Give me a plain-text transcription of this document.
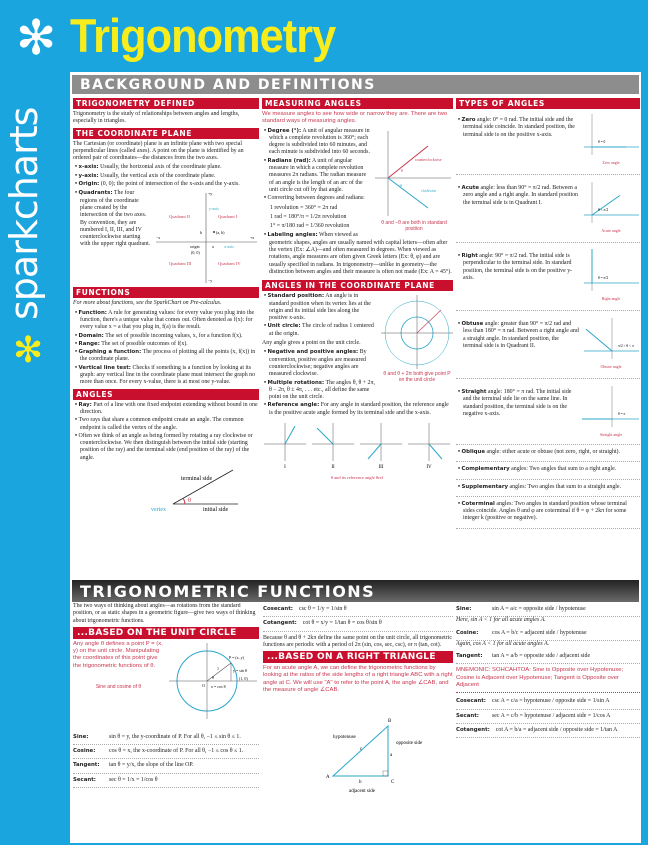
✻ Trigonometry
sparkcharts
✻
BACKGROUND AND DEFINITIONS
TRIGONOMETRIC FUNCTIONS
TRIGONOMETRY DEFINED

Trigonometry is the study of relationships between angles and lengths, especially in triangles.

THE COORDINATE PLANE

The Cartesian (or coordinate) plane is an infinite plane with two special perpendicular lines (called axes). A point on the plane is identified by an ordered pair of coordinates—the distances from the two axes.

• x-axis: Usually, the horizontal axis of the coordinate plane.
• y-axis: Usually, the vertical axis of the coordinate plane.
• Origin: (0, 0); the point of intersection of the x-axis and the y-axis.
Quadrant I
Quadrant II
Quadrant III	Quadrant IV
y-axis
x-axis
origin
(0, 0)
(a, b)
a
b
+y
−y
+x
−x
• Quadrants: The four regions of the coordinate plane created by the intersection of the two axes. By convention, they are numbered I, II, III, and IV counterclockwise starting with the upper right quadrant.
FUNCTIONS

For more about functions, see the SparkChart on Pre-calculus.

• Function: A rule for generating values: for every value you plug into the function, there's a unique value that comes out. Often denoted as f(x): for every value x = a that you plug in, f(a) is the result.
• Domain: The set of possible incoming values, x, for a function f(x).
• Range: The set of possible outcomes of f(x).
• Graphing a function: The process of plotting all the points (x, f(x)) in the coordinate plane.
• Vertical line test: Checks if something is a function by looking at its graph: any vertical line in the coordinate plane must intersect the graph no more than once. For every x-value, there is at most one y-value.
ANGLES
• Ray: Part of a line with one fixed endpoint extending without bound in one direction.
• Two rays that share a common endpoint create an angle. The common endpoint is called the vertex of the angle.
• Often we think of an angle as being formed by rotating a ray clockwise or counterclockwise. We then distinguish between the initial side (starting position of the ray) and the terminal side (end position of the ray) of the angle.
terminal side
initial side
vertex
θ
MEASURING ANGLES

We measure angles to see how wide or narrow they are. There are two standard ways of measuring angles.

counterclockwise
clockwise
θ
−θ
θ and −θ are both in standard position
• Degree (°): A unit of angular measure in which a complete revolution is 360°; each degree is subdivided into 60 minutes, and each minute is subdivided into 60 seconds.
• Radians (rad): A unit of angular measure in which a complete revolution measures 2π radians. The radian measure of an angle is the length of an arc of the unit circle cut off by that angle.
• Converting between degrees and radians:

1 revolution = 360° = 2π rad

1 rad = 180°/π = 1/2π revolution

1° = π/180 rad = 1/360 revolution

• Labeling angles: When viewed as geometric shapes, angles are usually named with capital letters—often after the vertex (Ex: ∠A)—and often measured in degrees. When viewed as rotations, angle measures are often given Greek letters (Ex: θ, φ) and are usually specified in radians. In trigonometry—unlike in geometry—the distinction between angles and their measure is often not made (Ex: A = 45°).
ANGLES IN THE COORDINATE PLANE
θ and θ + 2π both give point P on the unit circle
• Standard position: An angle is in standard position when its vertex lies at the origin and its initial side lies along the positive x-axis.
• Unit circle: The circle of radius 1 centered at the origin.

Any angle gives a point on the unit circle.

• Negative and positive angles: By convention, positive angles are measured counterclockwise; negative angles are measured clockwise.
• Multiple rotations: The angles θ, θ + 2π, θ − 2π, θ ± 4π, . . . etc., all define the same point on the unit circle.
• Reference angle: For any angle in standard position, the reference angle is the positive acute angle formed by its terminal side and the x-axis.
I	II	III	IV
θ and its reference angle θref
TYPES OF ANGLES
θ = 0
Zero angle
• Zero angle: 0° = 0 rad. The initial side and the terminal side coincide. In standard position, the terminal side is on the positive x-axis.
θ < π/2
Acute angle
• Acute angle: less than 90° = π/2 rad. Between a zero angle and a right angle. In standard position the terminal side is in Quadrant I.
θ = π/2
Right angle
• Right angle: 90° = π/2 rad. The initial side is perpendicular to the terminal side. In standard position, the terminal side is on the positive y-axis.
π/2 < θ < π
Obtuse angle
• Obtuse angle: greater than 90° = π/2 rad and less than 180° = π rad. Between a right angle and a straight angle. In standard position, the terminal side is in Quadrant II.
θ = π
Straight angle
• Straight angle: 180° = π rad. The initial side and the terminal side lie on the same line. In standard position, the terminal side is on the negative x-axis.
• Oblique angle: either acute or obtuse (not zero, right, or straight).
• Complementary angles: Two angles that sum to a right angle.
• Supplementary angles: Two angles that sum to a straight angle.
• Coterminal angles: Two angles in standard position whose terminal sides coincide. Angles θ and φ are coterminal if θ = φ + 2kπ for some integer k (positive or negative).

The two ways of thinking about angles—as rotations from the standard position, or as static shapes in a geometric figure—give two ways of thinking about trigonometric functions.

...BASED ON THE UNIT CIRCLE
P = (x, y)
y = sin θ
x = cos θ
1
O
(1, 0)
θ

Any angle θ defines a point P = (x, y) on the unit circle. Manipulating the coordinates of this point give the trigonometric functions of θ.

Sine and cosine of θ

Sine:	sin θ = y, the y-coordinate of P. For all θ, −1 ≤ sin θ ≤ 1.
Cosine:	cos θ = x, the x-coordinate of P. For all θ, −1 ≤ cos θ ≤ 1.
Tangent:	tan θ = y/x, the slope of the line OP.
Secant:	sec θ = 1/x = 1/cos θ
Cosecant: csc θ = 1/y = 1/sin θ
Cotangent: cot θ = x/y = 1/tan θ = cos θ/sin θ

Because θ and θ + 2kπ define the same point on the unit circle, all trigonometric functions are periodic with a period of 2π (sin, cos, sec, csc), or π (tan, cot).

...BASED ON A RIGHT TRIANGLE

For an acute angle A, we can define the trigonometric functions by looking at the ratios of the side lengths of a right triangle ABC with a right angle at C. We will use "A" to refer to the point A, the angle ∠CAB, and the measure of angle ∠CAB.

A
B
C
a
b
c
hypotenuse
opposite side
adjacent side
Sine:	sin A = a/c = opposite side / hypotenuse

Here, sin A < 1 for all acute angles A.

Cosine:	cos A = b/c = adjacent side / hypotenuse

Again, cos A < 1 for all acute angles A.

Tangent:	tan A = a/b = opposite side / adjacent side

MNEMONIC: SOHCAHTOA: Sine is Opposite over Hypotenuse; Cosine is Adjacent over Hypotenuse; Tangent is Opposite over Adjacent

Cosecant: csc A = c/a = hypotenuse / opposite side = 1/sin A
Secant:	sec A = c/b = hypotenuse / adjacent side = 1/cos A
Cotangent: cot A = b/a = adjacent side / opposite side = 1/tan A
